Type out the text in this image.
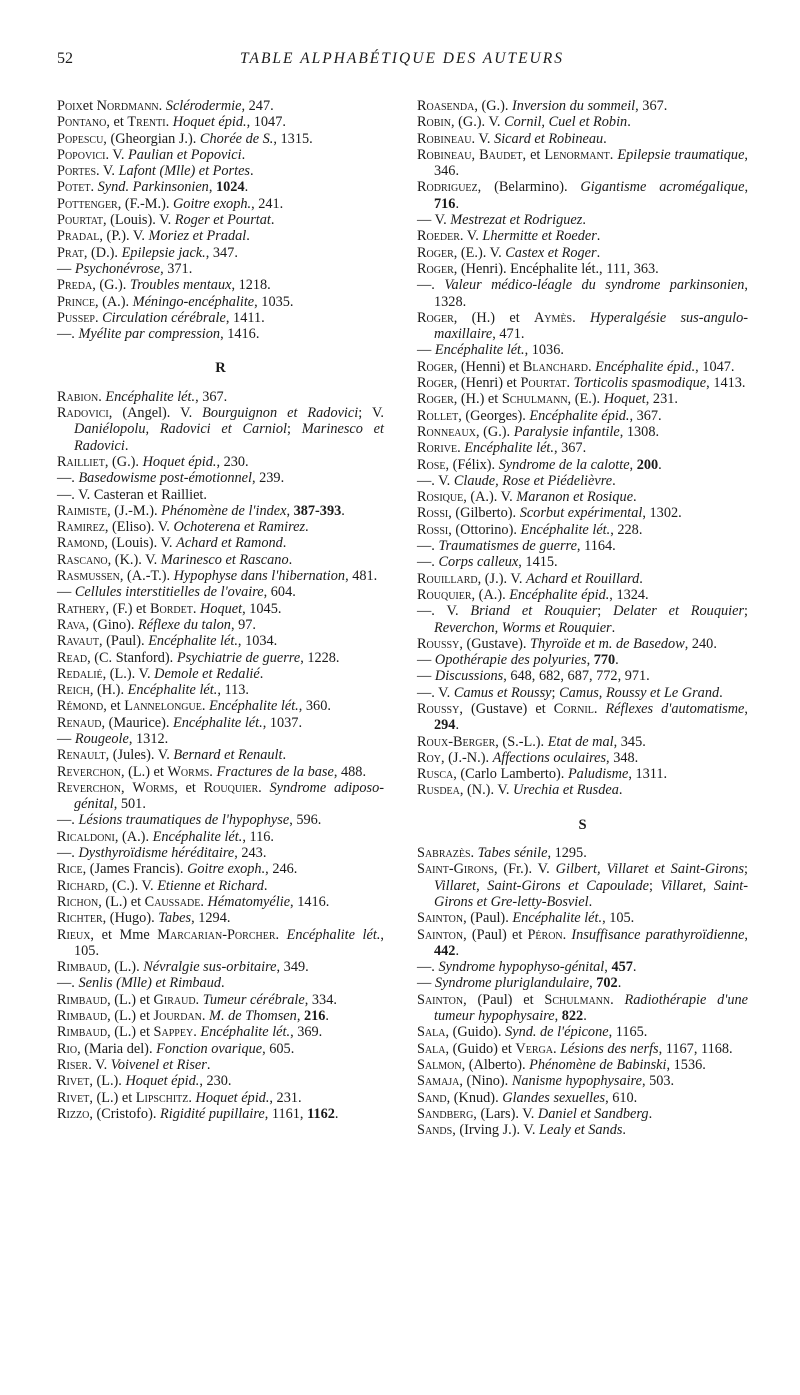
52	TABLE ALPHABÉTIQUE DES AUTEURS
Poixet Nordmann. Sclérodermie, 247.
Pontano, et Trenti. Hoquet épid., 1047.
Popescu, (Gheorgian J.). Chorée de S., 1315.
Popovici. V. Paulian et Popovici.
Portes. V. Lafont (Mlle) et Portes.
Potet. Synd. Parkinsonien, 1024.
Pottenger, (F.-M.). Goitre exoph., 241.
Pourtat, (Louis). V. Roger et Pourtat.
Pradal, (P.). V. Moriez et Pradal.
Prat, (D.). Epilepsie jack., 347.
— Psychonévrose, 371.
Preda, (G.). Troubles mentaux, 1218.
Prince, (A.). Méningo-encéphalite, 1035.
Pussep. Circulation cérébrale, 1411.
—. Myélite par compression, 1416.
R
Rabion. Encéphalite lét., 367.
Radovici, (Angel). V. Bourguignon et Radovici; V. Daniélopolu, Radovici et Carniol; Marinesco et Radovici.
Railliet, (G.). Hoquet épid., 230.
—. Basedowisme post-émotionnel, 239.
—. V. Casteran et Railliet.
Raimiste, (J.-M.). Phénomène de l'index, 387-393.
Ramirez, (Eliso). V. Ochoterena et Ramirez.
Ramond, (Louis). V. Achard et Ramond.
Rascano, (K.). V. Marinesco et Rascano.
Rasmussen, (A.-T.). Hypophyse dans l'hibernation, 481.
— Cellules interstitielles de l'ovaire, 604.
Rathery, (F.) et Bordet. Hoquet, 1045.
Rava, (Gino). Réflexe du talon, 97.
Ravaut, (Paul). Encéphalite lét., 1034.
Read, (C. Stanford). Psychiatrie de guerre, 1228.
Redalié, (L.). V. Demole et Redalié.
Reich, (H.). Encéphalite lét., 113.
Rémond, et Lannelongue. Encéphalite lét., 360.
Renaud, (Maurice). Encéphalite lét., 1037.
— Rougeole, 1312.
Renault, (Jules). V. Bernard et Renault.
Reverchon, (L.) et Worms. Fractures de la base, 488.
Reverchon, Worms, et Rouquier. Syndrome adiposo-génital, 501.
—. Lésions traumatiques de l'hypophyse, 596.
Ricaldoni, (A.). Encéphalite lét., 116.
—. Dysthyroïdisme héréditaire, 243.
Rice, (James Francis). Goitre exoph., 246.
Richard, (C.). V. Etienne et Richard.
Richon, (L.) et Caussade. Hématomyélie, 1416.
Richter, (Hugo). Tabes, 1294.
Rieux, et Mme Marcarian-Porcher. Encéphalite lét., 105.
Rimbaud, (L.). Névralgie sus-orbitaire, 349.
—. Senlis (Mlle) et Rimbaud.
Rimbaud, (L.) et Giraud. Tumeur cérébrale, 334.
Rimbaud, (L.) et Jourdan. M. de Thomsen, 216.
Rimbaud, (L.) et Sappey. Encéphalite lét., 369.
Rio, (Maria del). Fonction ovarique, 605.
Riser. V. Voivenel et Riser.
Rivet, (L.). Hoquet épid., 230.
Rivet, (L.) et Lipschitz. Hoquet épid., 231.
Rizzo, (Cristofo). Rigidité pupillaire, 1161, 1162.
Roasenda, (G.). Inversion du sommeil, 367.
Robin, (G.). V. Cornil, Cuel et Robin.
Robineau. V. Sicard et Robineau.
Robineau, Baudet, et Lenormant. Epilepsie traumatique, 346.
Rodriguez, (Belarmino). Gigantisme acromégalique, 716.
— V. Mestrezat et Rodriguez.
Roeder. V. Lhermitte et Roeder.
Roger, (E.). V. Castex et Roger.
Roger, (Henri). Encéphalite lét., 111, 363.
—. Valeur médico-léagle du syndrome parkinsonien, 1328.
Roger, (H.) et Aymès. Hyperalgésie sus-angulo-maxillaire, 471.
— Encéphalite lét., 1036.
Roger, (Henni) et Blanchard. Encéphalite épid., 1047.
Roger, (Henri) et Pourtat. Torticolis spasmodique, 1413.
Roger, (H.) et Schulmann, (E.). Hoquet, 231.
Rollet, (Georges). Encéphalite épid., 367.
Ronneaux, (G.). Paralysie infantile, 1308.
Rorive. Encéphalite lét., 367.
Rose, (Félix). Syndrome de la calotte, 200.
—. V. Claude, Rose et Piédelièvre.
Rosique, (A.). V. Maranon et Rosique.
Rossi, (Gilberto). Scorbut expérimental, 1302.
Rossi, (Ottorino). Encéphalite lét., 228.
—. Traumatismes de guerre, 1164.
—. Corps calleux, 1415.
Rouillard, (J.). V. Achard et Rouillard.
Rouquier, (A.). Encéphalite épid., 1324.
—. V. Briand et Rouquier; Delater et Rouquier; Reverchon, Worms et Rouquier.
Roussy, (Gustave). Thyroïde et m. de Basedow, 240.
— Opothérapie des polyuries, 770.
— Discussions, 648, 682, 687, 772, 971.
—. V. Camus et Roussy; Camus, Roussy et Le Grand.
Roussy, (Gustave) et Cornil. Réflexes d'automatisme, 294.
Roux-Berger, (S.-L.). Etat de mal, 345.
Roy, (J.-N.). Affections oculaires, 348.
Rusca, (Carlo Lamberto). Paludisme, 1311.
Rusdea, (N.). V. Urechia et Rusdea.
S
Sabrazès. Tabes sénile, 1295.
Saint-Girons, (Fr.). V. Gilbert, Villaret et Saint-Girons; Villaret, Saint-Girons et Capoulade; Villaret, Saint-Girons et Gre-letty-Bosviel.
Sainton, (Paul). Encéphalite lét., 105.
Sainton, (Paul) et Péron. Insuffisance parathyroïdienne, 442.
—. Syndrome hypophyso-génital, 457.
— Syndrome pluriglandulaire, 702.
Sainton, (Paul) et Schulmann. Radiothérapie d'une tumeur hypophysaire, 822.
Sala, (Guido). Synd. de l'épicone, 1165.
Sala, (Guido) et Verga. Lésions des nerfs, 1167, 1168.
Salmon, (Alberto). Phénomène de Babinski, 1536.
Samaja, (Nino). Nanisme hypophysaire, 503.
Sand, (Knud). Glandes sexuelles, 610.
Sandberg, (Lars). V. Daniel et Sandberg.
Sands, (Irving J.). V. Lealy et Sands.
